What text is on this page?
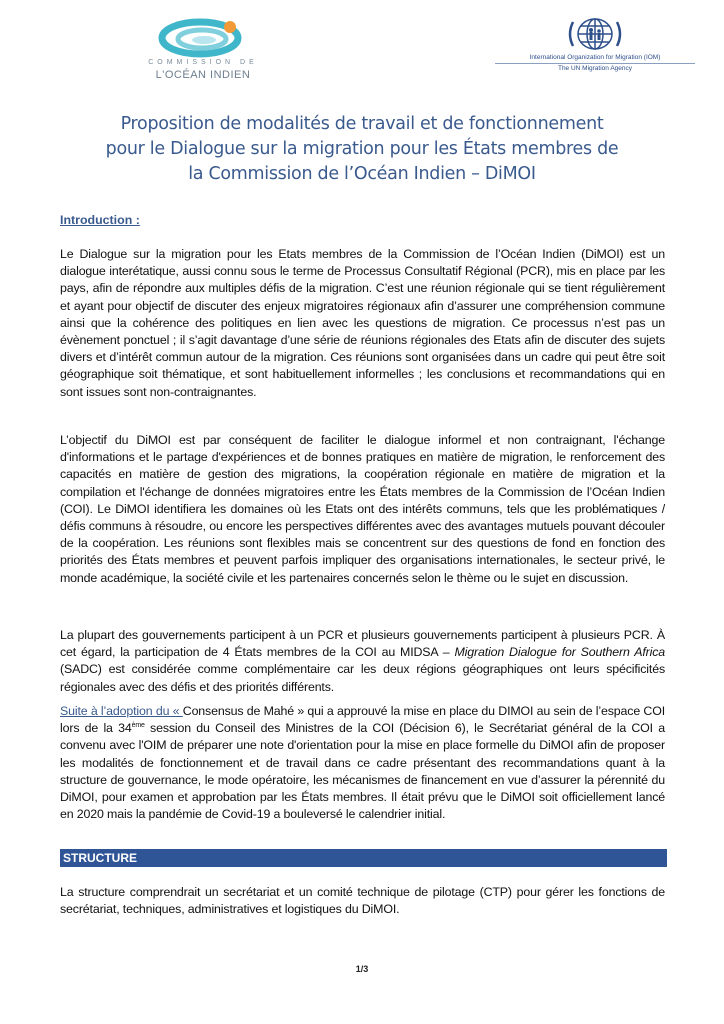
COMMISSION DE
L'OCÉAN INDIEN
International Organization for Migration (IOM)
The UN Migration Agency
Proposition de modalités de travail et de fonctionnement
pour le Dialogue sur la migration pour les États membres de
la Commission de l’Océan Indien – DiMOI
Introduction :
Le Dialogue sur la migration pour les Etats membres de la Commission de l’Océan Indien (DiMOI) est un dialogue interétatique, aussi connu sous le terme de Processus Consultatif Régional (PCR), mis en place par les pays, afin de répondre aux multiples défis de la migration. C’est une réunion régionale qui se tient régulièrement et ayant pour objectif de discuter des enjeux migratoires régionaux afin d’assurer une compréhension commune ainsi que la cohérence des politiques en lien avec les questions de migration. Ce processus n’est pas un évènement ponctuel ; il s’agit davantage d’une série de réunions régionales des Etats afin de discuter des sujets divers et d’intérêt commun autour de la migration. Ces réunions sont organisées dans un cadre qui peut être soit géographique soit thématique, et sont habituellement informelles ; les conclusions et recommandations qui en sont issues sont non-contraignantes.
L’objectif du DiMOI est par conséquent de faciliter le dialogue informel et non contraignant, l'échange d'informations et le partage d'expériences et de bonnes pratiques en matière de migration, le renforcement des capacités en matière de gestion des migrations, la coopération régionale en matière de migration et la compilation et l'échange de données migratoires entre les États membres de la Commission de l’Océan Indien (COI). Le DiMOI identifiera les domaines où les Etats ont des intérêts communs, tels que les problématiques / défis communs à résoudre, ou encore les perspectives différentes avec des avantages mutuels pouvant découler de la coopération. Les réunions sont flexibles mais se concentrent sur des questions de fond en fonction des priorités des États membres et peuvent parfois impliquer des organisations internationales, le secteur privé, le monde académique, la société civile et les partenaires concernés selon le thème ou le sujet en discussion.
La plupart des gouvernements participent à un PCR et plusieurs gouvernements participent à plusieurs PCR. À cet égard, la participation de 4 États membres de la COI au MIDSA – Migration Dialogue for Southern Africa (SADC) est considérée comme complémentaire car les deux régions géographiques ont leurs spécificités régionales avec des défis et des priorités différents.
Suite à l’adoption du « Consensus de Mahé » qui a approuvé la mise en place du DIMOI au sein de l’espace COI lors de la 34ème session du Conseil des Ministres de la COI (Décision 6), le Secrétariat général de la COI a convenu avec l'OIM de préparer une note d'orientation pour la mise en place formelle du DiMOI afin de proposer les modalités de fonctionnement et de travail dans ce cadre présentant des recommandations quant à la structure de gouvernance, le mode opératoire, les mécanismes de financement en vue d’assurer la pérennité du DiMOI, pour examen et approbation par les États membres. Il était prévu que le DiMOI soit officiellement lancé en 2020 mais la pandémie de Covid-19 a bouleversé le calendrier initial.
STRUCTURE
La structure comprendrait un secrétariat et un comité technique de pilotage (CTP) pour gérer les fonctions de secrétariat, techniques, administratives et logistiques du DiMOI.
1/3
